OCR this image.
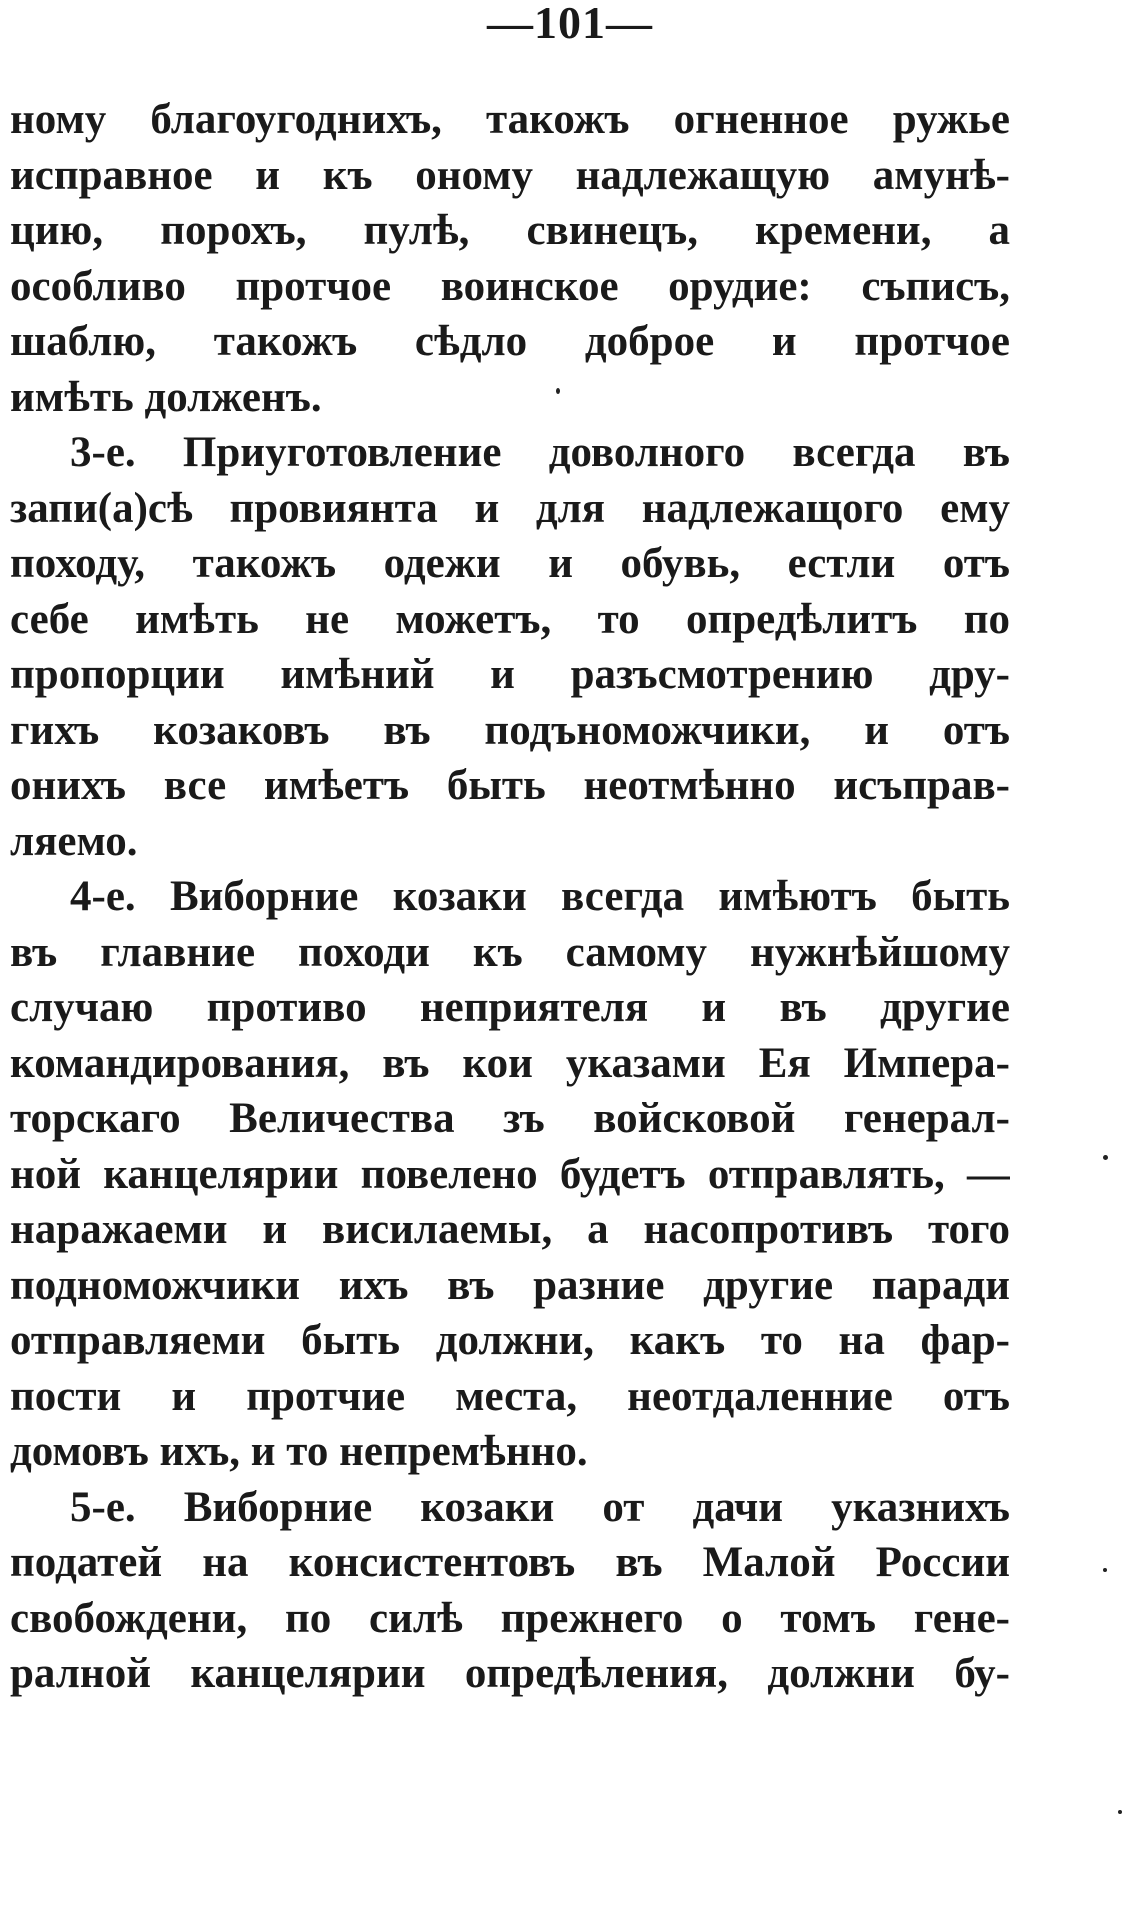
—101—
ному благоугоднихъ, такожъ огненное ружье
исправное и къ оному надлежащую амунѣ-
цию, порохъ, пулѣ, свинецъ, кремени, а
особливо протчое воинское орудие: съписъ,
шаблю, такожъ сѣдло доброе и протчое
имѣть долженъ.
3-е. Приуготовление доволного всегда въ
запи(а)сѣ провиянта и для надлежащого ему
походу, такожъ одежи и обувь, естли отъ
себе имѣть не можетъ, то опредѣлитъ по
пропорции имѣний и разъсмотрению дру-
гихъ козаковъ въ подъноможчики, и отъ
онихъ все имѣетъ быть неотмѣнно исъправ-
ляемо.
4-е. Виборние козаки всегда имѣютъ быть
въ главние походи къ самому нужнѣйшому
случаю противо неприятеля и въ другие
командирования, въ кои указами Ея Импера-
торскаго Величества зъ войсковой генерал-
ной канцелярии повелено будетъ отправлять, —
наражаеми и висилаемы, а насопротивъ того
подноможчики ихъ въ разние другие паради
отправляеми быть должни, какъ то на фар-
пости и протчие места, неотдаленние отъ
домовъ ихъ, и то непремѣнно.
5-е. Виборние козаки от дачи указнихъ
податей на консистентовъ въ Малой России
свобождени, по силѣ прежнего о томъ гене-
ралной канцелярии опредѣления, должни бу-
